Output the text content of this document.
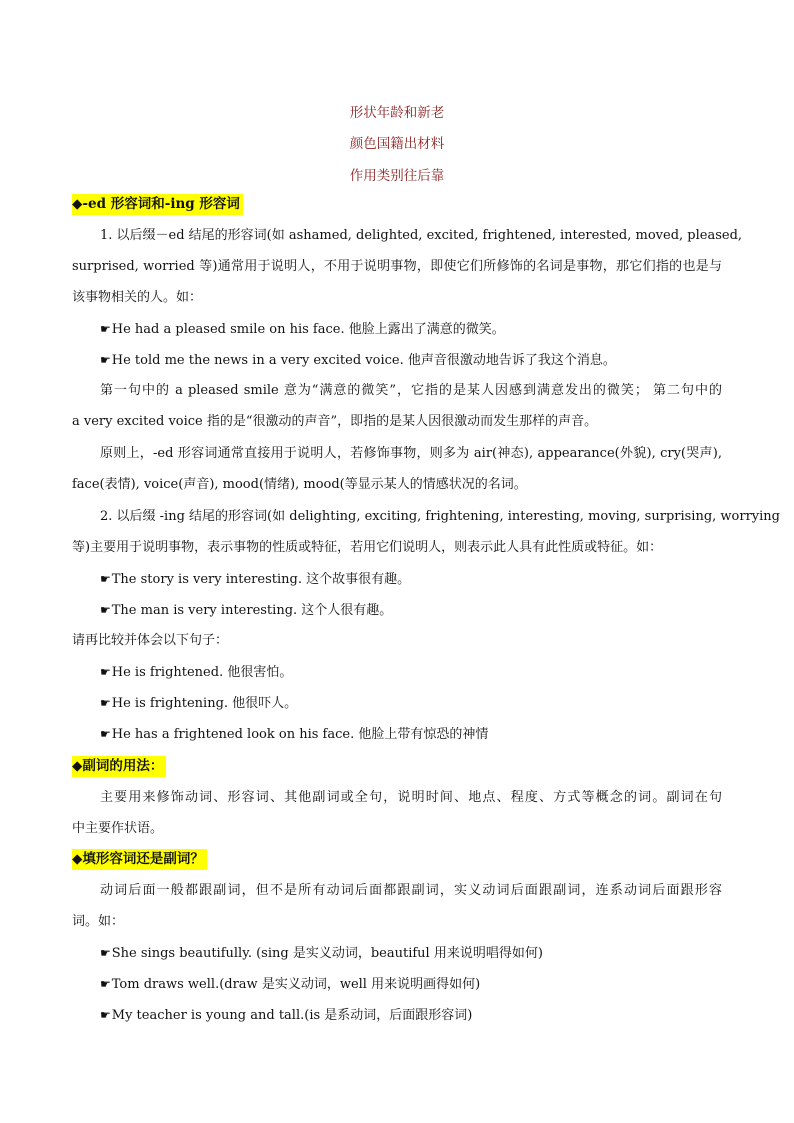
形状年龄和新老
颜色国籍出材料
作用类别往后靠
◆-ed 形容词和-ing 形容词
1. 以后缀－ed 结尾的形容词(如 ashamed, delighted, excited, frightened, interested, moved, pleased,
surprised, worried 等)通常用于说明人，不用于说明事物，即使它们所修饰的名词是事物，那它们指的也是与
该事物相关的人。如：
☛He had a pleased smile on his face. 他脸上露出了满意的微笑。
☛He told me the news in a very excited voice. 他声音很激动地告诉了我这个消息。
第一句中的 a pleased smile 意为“满意的微笑”，它指的是某人因感到满意发出的微笑； 第二句中的
a very excited voice 指的是“很激动的声音”，即指的是某人因很激动而发生那样的声音。
原则上，-ed 形容词通常直接用于说明人，若修饰事物，则多为 air(神态), appearance(外貌), cry(哭声),
face(表情), voice(声音), mood(情绪), mood(等显示某人的情感状况的名词。
2. 以后缀 -ing 结尾的形容词(如 delighting, exciting, frightening, interesting, moving, surprising, worrying
等)主要用于说明事物，表示事物的性质或特征，若用它们说明人，则表示此人具有此性质或特征。如：
☛The story is very interesting. 这个故事很有趣。
☛The man is very interesting. 这个人很有趣。
请再比较并体会以下句子：
☛He is frightened. 他很害怕。
☛He is frightening. 他很吓人。
☛He has a frightened look on his face. 他脸上带有惊恐的神情
◆副词的用法：
主要用来修饰动词、形容词、其他副词或全句，说明时间、地点、程度、方式等概念的词。副词在句
中主要作状语。
◆填形容词还是副词？
动词后面一般都跟副词，但不是所有动词后面都跟副词，实义动词后面跟副词，连系动词后面跟形容
词。如：
☛She sings beautifully. (sing 是实义动词，beautiful 用来说明唱得如何)
☛Tom draws well.(draw 是实义动词，well 用来说明画得如何)
☛My teacher is young and tall.(is 是系动词，后面跟形容词)
